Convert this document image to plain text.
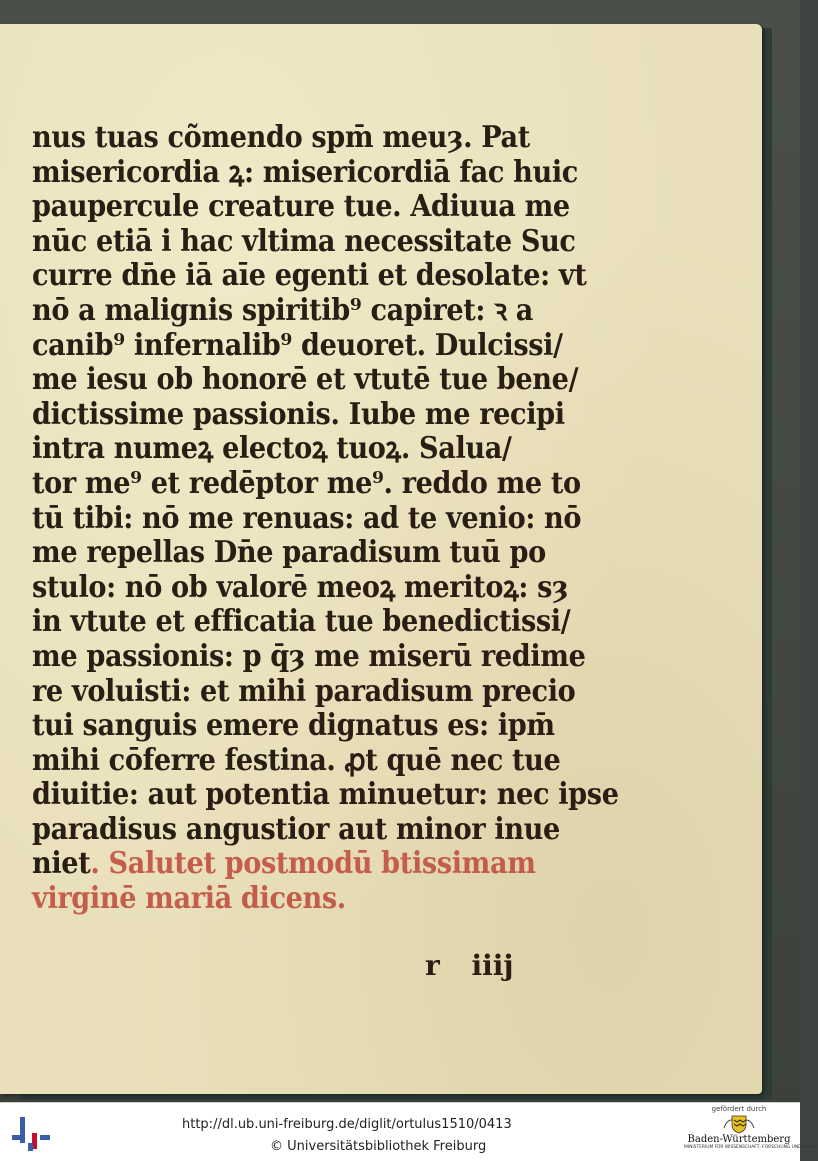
nus tuas cõmendo spm̄ meuȝ. Pat
misericordia ꝝ: misericordiā fac huic
paupercule creature tue. Adiuua me
nūc etiā i hac vltima necessitate Suc
curre dn̄e iā aīe egenti et desolate: vt
nō a malignis spiritib⁹ capiret: ꝛ a
canib⁹ infernalib⁹ deuoret. Dulcissi/
me iesu ob honorē et vtutē tue bene/
dictissime passionis. Iube me recipi
intra numeꝝ electoꝝ tuoꝝ. Salua/
tor me⁹ et redēptor me⁹. reddo me to
tū tibi: nō me renuas: ad te venio: nō
me repellas Dn̄e paradisum tuū po
stulo: nō ob valorē meoꝝ meritoꝝ: sȝ
in vtute et efficatia tue benedictissi/
me passionis: p q̄ȝ me miserū redime
re voluisti: et mihi paradisum precio
tui sanguis emere dignatus es: ipm̄
mihi cōferre festina. ꝓt quē nec tue
diuitie: aut potentia minuetur: nec ipse
paradisus angustior aut minor inue
niet. Salutet postmodū btissimam
virginē mariā dicens.
r iiij
http://dl.ub.uni-freiburg.de/diglit/ortulus1510/0413
© Universitätsbibliothek Freiburg
gefördert durch
Baden-Württemberg
MINISTERIUM FÜR WISSENSCHAFT, FORSCHUNG UND KUNST
